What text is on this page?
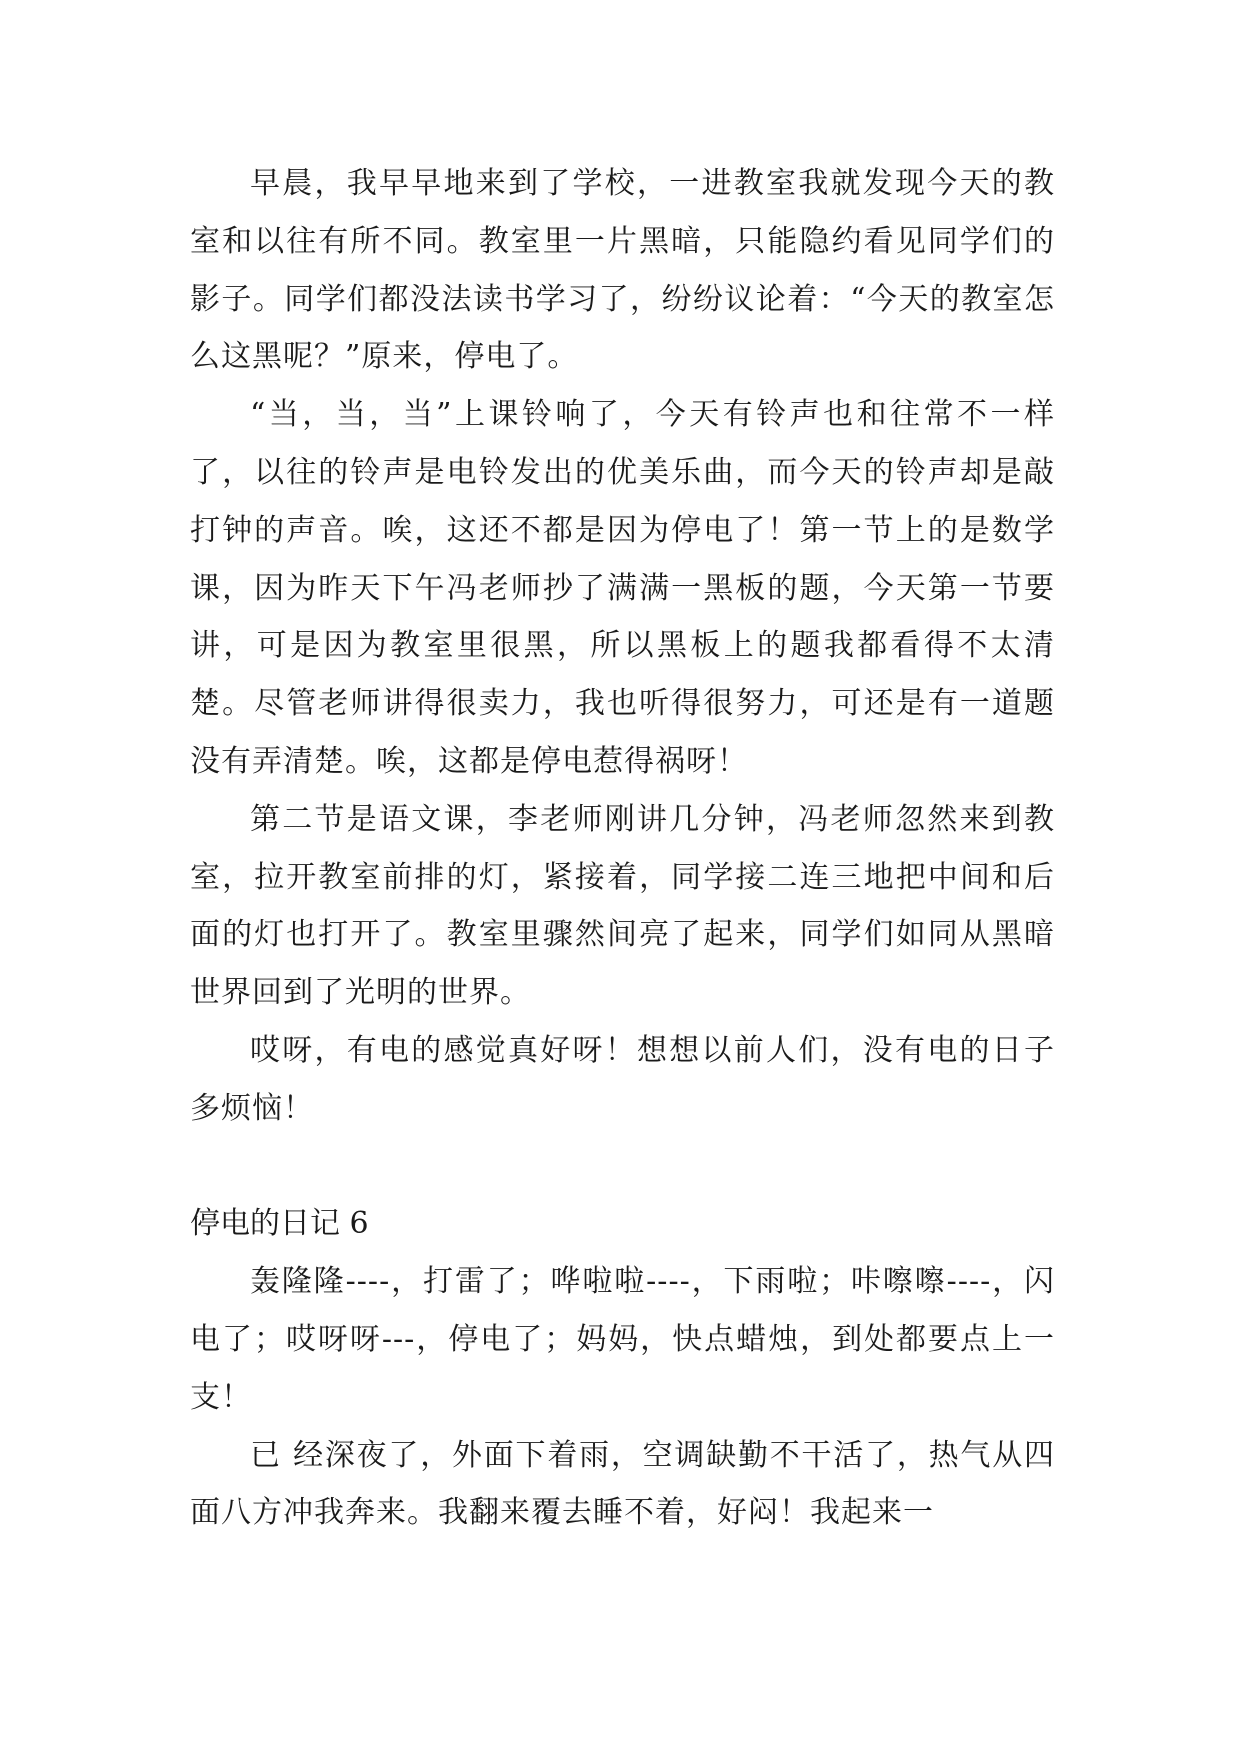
早晨，我早早地来到了学校，一进教室我就发现今天的教室和以往有所不同。教室里一片黑暗，只能隐约看见同学们的影子。同学们都没法读书学习了，纷纷议论着：“今天的教室怎么这黑呢？”原来，停电了。

“当，当，当”上课铃响了，今天有铃声也和往常不一样了，以往的铃声是电铃发出的优美乐曲，而今天的铃声却是敲打钟的声音。唉，这还不都是因为停电了！第一节上的是数学课，因为昨天下午冯老师抄了满满一黑板的题，今天第一节要讲，可是因为教室里很黑，所以黑板上的题我都看得不太清楚。尽管老师讲得很卖力，我也听得很努力，可还是有一道题没有弄清楚。唉，这都是停电惹得祸呀！

第二节是语文课，李老师刚讲几分钟，冯老师忽然来到教室，拉开教室前排的灯，紧接着，同学接二连三地把中间和后面的灯也打开了。教室里骤然间亮了起来，同学们如同从黑暗世界回到了光明的世界。

哎呀，有电的感觉真好呀！想想以前人们，没有电的日子多烦恼！

停电的日记 6

轰隆隆----，打雷了；哗啦啦----，下雨啦；咔嚓嚓----，闪电了；哎呀呀---，停电了；妈妈，快点蜡烛，到处都要点上一支！

已 经深夜了，外面下着雨，空调缺勤不干活了，热气从四面八方冲我奔来。我翻来覆去睡不着，好闷！我起来一
